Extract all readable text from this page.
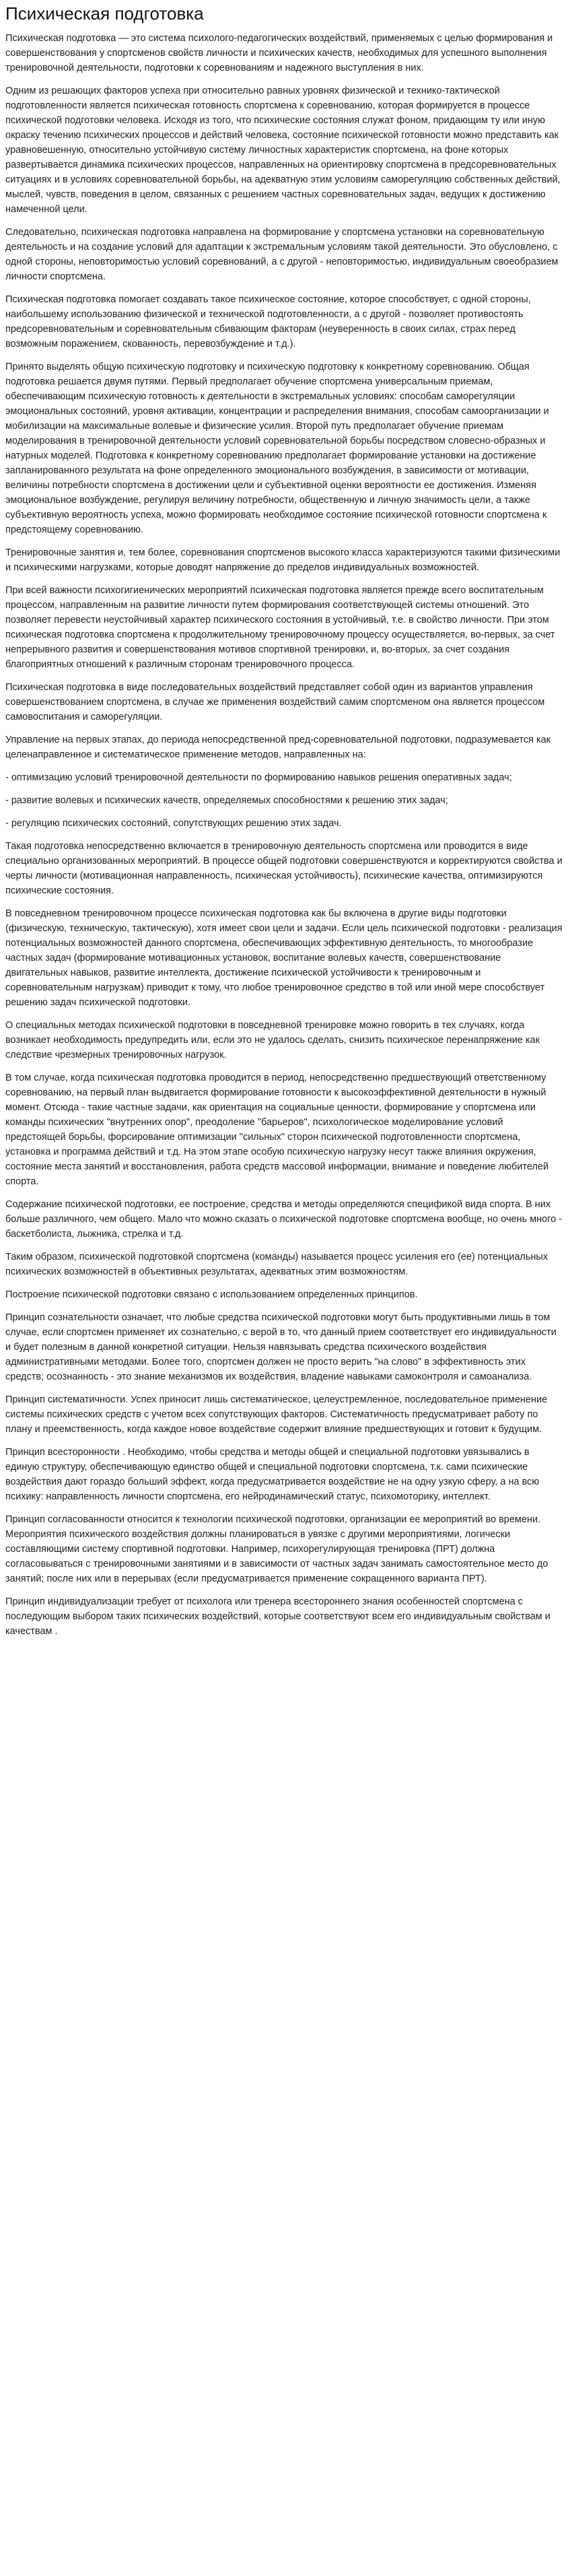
Психическая подготовка

Психическая подготовка — это система психолого-педагогических воздействий, применяемых с целью формирования и совершенствования у спортсменов свойств личности и психических качеств, необходимых для успешного выполнения тренировочной деятельности, подготовки к соревнованиям и надежного выступления в них.

Одним из решающих факторов успеха при относительно равных уровнях физической и технико-тактической подготовленности является психическая готовность спортсмена к соревнованию, которая формируется в процессе психической подготовки человека. Исходя из того, что психические состояния служат фоном, придающим ту или иную окраску течению психических процессов и действий человека, состояние психической готовности можно представить как уравновешенную, относительно устойчивую систему личностных характеристик спортсмена, на фоне которых развертывается динамика психических процессов, направленных на ориентировку спортсмена в предсоревновательных ситуациях и в условиях соревновательной борьбы, на адекватную этим условиям саморегуляцию собственных действий, мыслей, чувств, поведения в целом, связанных с решением частных соревновательных задач, ведущих к достижению намеченной цели.

Следовательно, психическая подготовка направлена на формирование у спортсмена установки на соревновательную деятельность и на создание условий для адаптации к экстремальным условиям такой деятельности. Это обусловлено, с одной стороны, неповторимостью условий соревнований, а с другой - неповторимостью, индивидуальным своеобразием личности спортсмена.

Психическая подготовка помогает создавать такое психическое состояние, которое способствует, с одной стороны, наибольшему использованию физической и технической подготовленности, а с другой - позволяет противостоять предсоревновательным и соревновательным сбивающим факторам (неуверенность в своих силах, страх перед возможным поражением, скованность, перевозбуждение и т.д.).

Принято выделять общую психическую подготовку и психическую подготовку к конкретному соревнованию. Общая подготовка решается двумя путями. Первый предполагает обучение спортсмена универсальным приемам, обеспечивающим психическую готовность к деятельности в экстремальных условиях: способам саморегуляции эмоциональных состояний, уровня активации, концентрации и распределения внимания, способам самоорганизации и мобилизации на максимальные волевые и физические усилия. Второй путь предполагает обучение приемам моделирования в тренировочной деятельности условий соревновательной борьбы посредством словесно-образных и натурных моделей. Подготовка к конкретному соревнованию предполагает формирование установки на достижение запланированного результата на фоне определенного эмоционального возбуждения, в зависимости от мотивации, величины потребности спортсмена в достижении цели и субъективной оценки вероятности ее достижения. Изменяя эмоциональное возбуждение, регулируя величину потребности, общественную и личную значимость цели, а также субъективную вероятность успеха, можно формировать необходимое состояние психической готовности спортсмена к предстоящему соревнованию.

Тренировочные занятия и, тем более, соревнования спортсменов высокого класса характеризуются такими физическими и психическими нагрузками, которые доводят напряжение до пределов индивидуальных возможностей.

При всей важности психогигиенических мероприятий психическая подготовка является прежде всего воспитательным процессом, направленным на развитие личности путем формирования соответствующей системы отношений. Это позволяет перевести неустойчивый характер психического состояния в устойчивый, т.е. в свойство личности. При этом психическая подготовка спортсмена к продолжительному тренировочному процессу осуществляется, во-первых, за счет непрерывного развития и совершенствования мотивов спортивной тренировки, и, во-вторых, за счет создания благоприятных отношений к различным сторонам тренировочного процесса.

Психическая подготовка в виде последовательных воздействий представляет собой один из вариантов управления совершенствованием спортсмена, в случае же применения воздействий самим спортсменом она является процессом самовоспитания и саморегуляции.

Управление на первых этапах, до периода непосредственной пред-соревновательной подготовки, подразумевается как целенаправленное и систематическое применение методов, направленных на:

- оптимизацию условий тренировочной деятельности по формированию навыков решения оперативных задач;

- развитие волевых и психических качеств, определяемых способностями к решению этих задач;

- регуляцию психических состояний, сопутствующих решению этих задач.

Такая подготовка непосредственно включается в тренировочную деятельность спортсмена или проводится в виде специально организованных мероприятий. В процессе общей подготовки совершенствуются и корректируются свойства и черты личности (мотивационная направленность, психическая устойчивость), психические качества, оптимизируются психические состояния.

В повседневном тренировочном процессе психическая подготовка как бы включена в другие виды подготовки (физическую, техническую, тактическую), хотя имеет свои цели и задачи. Если цель психической подготовки - реализация потенциальных возможностей данного спортсмена, обеспечивающих эффективную деятельность, то многообразие частных задач (формирование мотивационных установок, воспитание волевых качеств, совершенствование двигательных навыков, развитие интеллекта, достижение психической устойчивости к тренировочным и соревновательным нагрузкам) приводит к тому, что любое тренировочное средство в той или иной мере способствует решению задач психической подготовки.

О специальных методах психической подготовки в повседневной тренировке можно говорить в тех случаях, когда возникает необходимость предупредить или, если это не удалось сделать, снизить психическое перенапряжение как следствие чрезмерных тренировочных нагрузок.

В том случае, когда психическая подготовка проводится в период, непосредственно предшествующий ответственному соревнованию, на первый план выдвигается формирование готовности к высокоэффективной деятельности в нужный момент. Отсюда - такие частные задачи, как ориентация на социальные ценности, формирование у спортсмена или команды психических "внутренних опор", преодоление "барьеров", психологическое моделирование условий предстоящей борьбы, форсирование оптимизации "сильных" сторон психической подготовленности спортсмена, установка и программа действий и т.д. На этом этапе особую психическую нагрузку несут также влияния окружения, состояние места занятий и восстановления, работа средств массовой информации, внимание и поведение любителей спорта.

Содержание психической подготовки, ее построение, средства и методы определяются спецификой вида спорта. В них больше различного, чем общего. Мало что можно сказать о психической подготовке спортсмена вообще, но очень много - баскетболиста, лыжника, стрелка и т.д.

Таким образом, психической подготовкой спортсмена (команды) называется процесс усиления его (ее) потенциальных психических возможностей в объективных результатах, адекватных этим возможностям.

Построение психической подготовки связано с использованием определенных принципов.

Принцип сознательности означает, что любые средства психической подготовки могут быть продуктивными лишь в том случае, если спортсмен применяет их сознательно, с верой в то, что данный прием соответствует его индивидуальности и будет полезным в данной конкретной ситуации. Нельзя навязывать средства психического воздействия административными методами. Более того, спортсмен должен не просто верить "на слово" в эффективность этих средств; осознанность - это знание механизмов их воздействия, владение навыками самоконтроля и самоанализа.

Принцип систематичности. Успех приносит лишь систематическое, целеустремленное, последовательное применение системы психических средств с учетом всех сопутствующих факторов. Систематичность предусматривает работу по плану и преемственность, когда каждое новое воздействие содержит влияние предшествующих и готовит к будущим.

Принцип всесторонности . Необходимо, чтобы средства и методы общей и специальной подготовки увязывались в единую структуру, обеспечивающую единство общей и специальной подготовки спортсмена, т.к. сами психические воздействия дают гораздо больший эффект, когда предусматривается воздействие не на одну узкую сферу, а на всю психику: направленность личности спортсмена, его нейродинамический статус, психомоторику, интеллект.

Принцип согласованности относится к технологии психической подготовки, организации ее мероприятий во времени. Мероприятия психического воздействия должны планироваться в увязке с другими мероприятиями, логически составляющими систему спортивной подготовки. Например, психорегулирующая тренировка (ПРТ) должна согласовываться с тренировочными занятиями и в зависимости от частных задач занимать самостоятельное место до занятий; после них или в перерывах (если предусматривается применение сокращенного варианта ПРТ).

Принцип индивидуализации требует от психолога или тренера всестороннего знания особенностей спортсмена с последующим выбором таких психических воздействий, которые соответствуют всем его индивидуальным свойствам и качествам .
